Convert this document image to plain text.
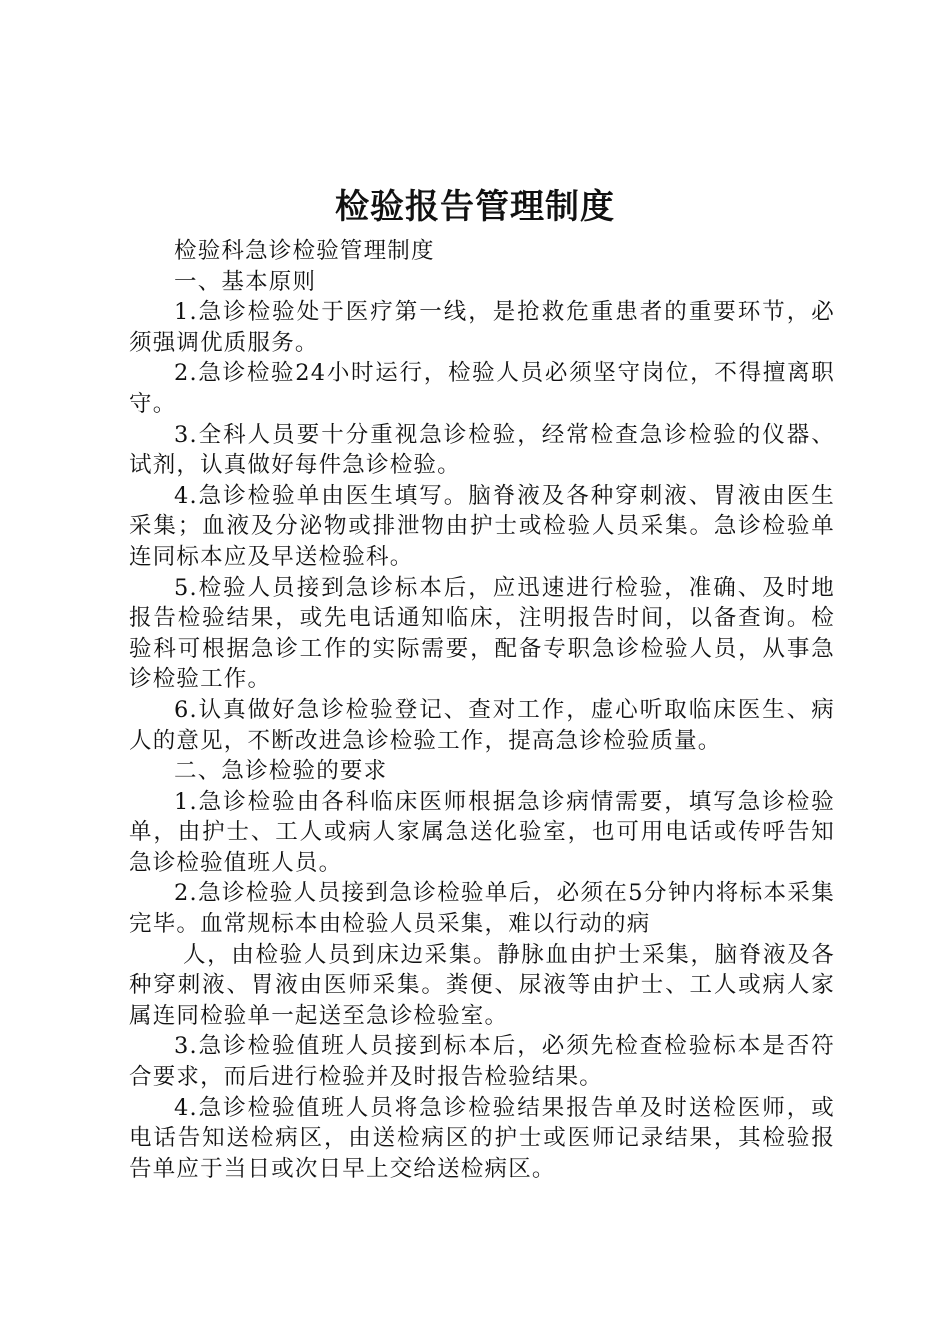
检验报告管理制度

检验科急诊检验管理制度

一、基本原则

1.急诊检验处于医疗第一线，是抢救危重患者的重要环节，必须强调优质服务。

2.急诊检验24小时运行，检验人员必须坚守岗位，不得擅离职守。

3.全科人员要十分重视急诊检验，经常检查急诊检验的仪器、试剂，认真做好每件急诊检验。

4.急诊检验单由医生填写。脑脊液及各种穿刺液、胃液由医生采集；血液及分泌物或排泄物由护士或检验人员采集。急诊检验单连同标本应及早送检验科。

5.检验人员接到急诊标本后，应迅速进行检验，准确、及时地报告检验结果，或先电话通知临床，注明报告时间，以备查询。检验科可根据急诊工作的实际需要，配备专职急诊检验人员，从事急诊检验工作。

6.认真做好急诊检验登记、查对工作，虚心听取临床医生、病人的意见，不断改进急诊检验工作，提高急诊检验质量。

二、急诊检验的要求

1.急诊检验由各科临床医师根据急诊病情需要，填写急诊检验单，由护士、工人或病人家属急送化验室，也可用电话或传呼告知急诊检验值班人员。

2.急诊检验人员接到急诊检验单后，必须在5分钟内将标本采集完毕。血常规标本由检验人员采集，难以行动的病

人，由检验人员到床边采集。静脉血由护士采集，脑脊液及各种穿刺液、胃液由医师采集。粪便、尿液等由护士、工人或病人家属连同检验单一起送至急诊检验室。

3.急诊检验值班人员接到标本后，必须先检查检验标本是否符合要求，而后进行检验并及时报告检验结果。

4.急诊检验值班人员将急诊检验结果报告单及时送检医师，或电话告知送检病区，由送检病区的护士或医师记录结果，其检验报告单应于当日或次日早上交给送检病区。
